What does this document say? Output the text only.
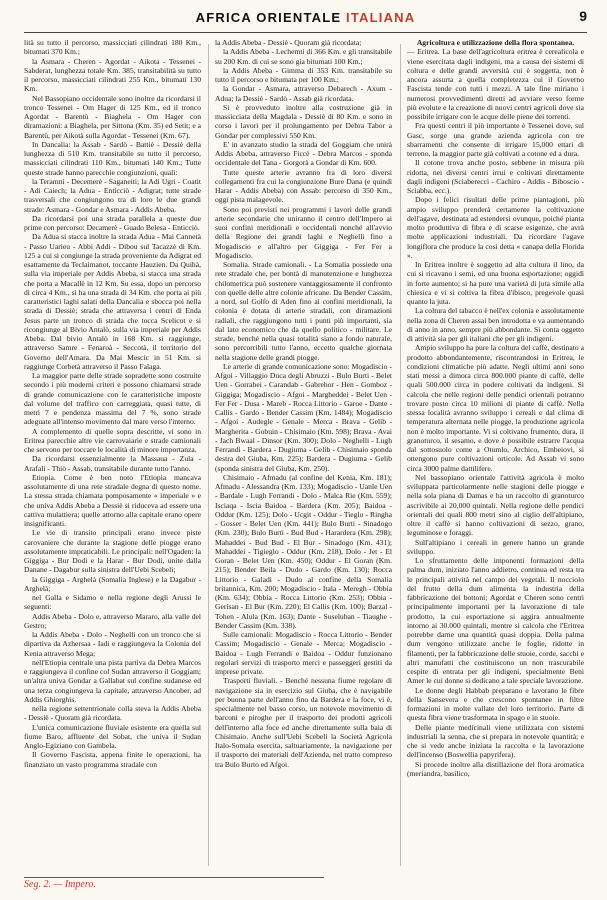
AFRICA ORIENTALE ITALIANA	9

lità su tutto il percorso, massicciati cilindrati 180 Km., bitumati 370 Km.;

la Asmara - Cheren - Agordat - Aikota - Tessenei - Sabderat, lunghezza totale Km. 385, transitabilità su tutto il percorso, massicciati cilindrati 255 Km., bitumati 130 Km.

Nel Bassopiano occidentale sono inoltre da ricordarsi il tronco Tessenei - Om Hager di 125 Km., ed il tronco Agordat - Barentù - Biaghela - Om Hager con diramazioni: a Biaghela, per Sittona (Km. 35) ed Setit; e a Barentù, per Aikotà sulla Agordat - Tessenei (Km. 67).

In Dancalia: la Assab - Sardò - Battiè - Dessiè della lunghezza di 510 Km. transitabile su tutto il percorso, massicciati cilindrati 110 Km., bitumati 140 Km.; Tutte queste strade hanno parecchie congiunzioni, quali:

la Teramni - Decemerè - Saganeiti; la Adi Ugri - Coatit - Adi Caiech; la Adua - Enticciò - Adigrat; tutte strade trasversali che congiungono tra di loro le due grandi strade: Asmara - Gondar e Asmara - Addis Abeba.

Da ricordarsi poi una strada parallela a queste due prime con percorso: Decamerè - Guado Belesa - Enticciò.

Da Adua si stacca inoltre la strada Adua - Mai Cannetà - Passo Uarieu - Abbi Addi - Dibou sul Tacazzè di Km. 125 a cui si congiunge la strada proveniente da Adigrat ed esattamente da Teclaimanot, toccante Hauzien. Da Quihà, sulla via imperiale per Addis Abeba, si stacca una strada che porta a Macallè in 12 Km. Su essa, dopo un percorso di circa 4 Km., si ha una strada di 34 Km. che porta ai più caratteristici laghi salati della Dancalia e sbocca poi nella strada di Dessiè; strada che attraversa i centri di Enda Jesus parte un tronco di strada che tocca Scelicot e si ricongiunge al Bivio Antalò, sulla via imperiale per Addis Abeba. Dal bivio Antalò in 168 Km. si raggiunge, attraverso Samre - Fenaroà - Seccotà, il territorio del Governo dell'Amara. Da Mai Mescic in 51 Km. si raggiunge Corbetà attraverso il Passo Falaga.

La maggior parte delle strade sopradette sono costruite secondo i più moderni criteri e possono chiamarsi strade di grande comunicazione con le caratteristiche imposte dal volume del traffico con carreggiata, quasi tutte, di metri 7 e pendenza massima del 7 %, sono strade adeguate all'intenso movimento dal mare verso l'interno.

A complemento di quelle sopra descritte, vi sono in Eritrea parecchie altre vie carrovaiarie e strade camionali che servono per toccare le località di minore importanza.

Da ricordarsi essenzialmente la Massaua - Zula - Arafali - Thiò - Assab, transitabile durante tutto l'anno.

Etiopia. Come è ben noto l'Etiopia mancava assolutamente di una rete stradale degna di questo nome. La stessa strada chiamata pomposamente « imperiale » e che univa Addis Abeba a Dessiè si riduceva ad essere una cattiva mulattiera; quelle attorno alla capitale erano opere insignificanti.

Le vie di transito principali erano invece piste carovaniere che durante la stagione delle piogge erano assolutamente impraticabili. Le principali: nell'Ogaden: la Giggiga - Bur Dodi e la Harar - Bur Dodi, unite dalla Danane - Dagabur sulla sinistra dell'Uebi Scebeli;

la Giggiga - Arghelà (Somalia Inglese) e la Dagabur - Arghelà;

nel Galla e Sidamo e nella regione degli Arussi le seguenti:

Addis Abeba - Dolo e, attraverso Mararo, alla valle del Gestro;

la Addis Abeba - Dolo - Neghelli con un tronco che si dipartiva da Azhersaa - Iadi e raggiungeva la Colonia del Kenia attraverso Mega;

nell'Etiopia centrale una pista partiva da Debra Marcos e raggiungeva il confine col Sudan attraverso il Goggiam; un'altra univa Gondar a Gallabat sul confine sudanese ed una terza congiungeva la capitale, attraverso Ancober, ad Addis Ghiorghis.

nella regione settentrionale colla steva la Addis Abeba - Dessiè - Quoram già ricordata.

L'unica comunicazione fluviale esistente era quella sul fiume Baro, affluente del Sobat, che univa il Sudan Anglo-Egiziano con Gambela.

Il Governo Fascista, appena finite le operazioni, ha finanziato un vasto programma stradale con

la Addis Abeba - Dessiè - Quoram già ricordata;

la Addis Abeba - Lechemti di 366 Km. e gli transitabile su 200 Km. di cui se sono gia bitumati 100 Km.;

la Addis Abeba - Gimma di 353 Km. transitabile su tutto il percorso e bitumata per 100 Km.;

la Gondar - Asmara, attraverso Debarech - Axum - Adua; la Dessiè - Sardò - Assab già ricordata.

Si è provveduto inoltre alla costruzione già in massicciata della Magdala - Dessiè di 80 Km. e sono in corso i lavori per il prolungamento per Debra Tabor a Gondar per complessivi 550 Km.

E' in avanzato studio la strada del Goggiam che unirà Addis Abeba, attraverso Ficcè - Debra Marcos - sponda occidentale del Tana - Gorgorà a Gondar di Km. 600.

Tutte queste arterie avranno fra di loro diversi collegamenti fra cui la congiunzione Bure Dana (e quindi Harar - Addis Abeba) con Assab: percorso di 350 Km., oggi pista malagevole.

Sono poi previsti nei programmi i lavori delle grandi arterie secondarie che uniranno il centro dell'Impero ai suoi confini meridionali e occidentali nonché all'avvio della Regione dei grandi laghi e Neghelli fino a Mogadiscio e all'altro per Giggiga - Fer Fer a Mogadiscio.

Somalia. Strade camionali. - La Somalia possiede una rete stradale che, per bontà di manutenzione e lunghezza chilometrica può sostenere vantaggiosamente il confronto con quelle delle altre colonie africane. Da Bender Cassim, a nord, sul Golfo di Aden fino ai confini meridionali, la colonia è dotata di arterie stradali, con diramazioni radiali, che raggiungono tutti i punti più importanti, sia dal lato economico che da quello politico - militare. Le strade, benché nella quasi totalità siano a fondo naturale, sono percorribili tutto l'anno, eccetto qualche giornata nella stagione delle grandi piogge.

Le arterie di grande comunicazione sono: Mogadiscio - Afgoi - Villaggio Duca degli Abruzzi - Bulo Burti - Belet Uen - Gorrahei - Carandab - Gabrehor - Hen - Gomboz - Giggiga; Mogadiscio - Afgoi - Margheddei - Belet Uen - Fer Fer - Dusa - Mareb - Rocca Littorio - Garoe - Dante - Callis - Gardo - Bender Cassim (Km. 1484); Mogadiscio - Afgoi - Audegle - Genale - Merca - Brava - Gelib - Margherita - Gobuin - Chisimaio (Km. 598); Brava - Avai - Jach Bwaal - Dinsor (Km. 300); Dolo - Neghelli - Lugh Ferrandi - Bardera - Dugiuma - Gelib - Chisimaio sponda destra del Giuba, Km. 225); Bardera - Dugiuma - Gelib (sponda sinistra del Giuba, Km. 250).

Chisimaio - Afmadu (al confine del Kenia, Km. 181); Afmadu - Alessandra (Km. 133); Mogadiscio - Uanle Uen - Bardale - Lugh Ferrandi - Dolo - Malca Rie (Km. 559); Isciaqa - Iscia Baidoa - Bardera (Km. 205); Baidoa - Oddur (Km. 125); Dolo - Ucgit - Oddur - Tieglo - Ringha - Gosser - Belet Uen (Km. 441); Bulo Burti - Sinadogo (Km. 230); Bulo Burti - Bud Bud - Harardera (Km. 298); Mahaddei - Bud Bud - El Bur - Sinadogo (Km. 431); Mahaddei - Tigieglo - Oddur (Km. 218), Dolo - Jet - El Goran - Belet Uen (Km. 450); Oddur - El Goran (Km. 215); Bender Beila - Dudo - Gardo (Km. 130); Rocca Littorio - Galadi - Dudo al confine della Somalia britannica, Km. 200; Mogadiscio - Itala - Meregh - Obbia (Km. 634); Obbia - Rocca Littorio (Km. 253); Obbia - Gerisan - El Bur (Km. 220); El Callis (Km. 100); Barzal - Tohen - Alula (Km. 163); Dante - Suseluban - Tiaughe - Bender Cassim (Km. 338).

Sulle camionali: Mogadiscio - Rocca Littorio - Bender Cassim; Mogadiscio - Genale - Merca; Mogadiscio - Baidoa - Lugh Ferrandi e Baidoa - Oddur funzionano regolari servizi di trasporto merci e passeggeri gestiti da imprese private.

Trasporti fluviali. - Benché nessuna fiume regolare di navigazione sia in esercizio sul Giuba, che è navigabile per buona parte dell'anno fino da Bardera e la foce, vi è, specialmente nel basso corso, un notevole movimento di barconi e piroghe per il trasporto dei prodotti agricoli dell'interno alla foce ed anche direttamente sulla baia di Chisimaio. Anche sull'Uebi Scebeli la Società Agricola Italo-Somala esercita, saltuariamente, la navigazione per il trasporto dei materiali dell'Azienda, nel tratto compreso tra Bulo Burto ed Afgoi.

Agricoltura e utilizzazione della flora spontanea.

— Eritrea. La base dell'agricoltura eritrea è cerealicola e viene esercitata dagli indigeni, ma a causa dei sistemi di coltura e delle grandi avversità cui è soggetta, non è ancora assurta a quella completezza cui il Governo Fascista tende con tutti i mezzi. A tale fine miriano i numerosi provvedimenti diretti ad avviare verso forme più evolute e la creazione di nuovi centri agricoli dove sia possibile irrigare con le acque delle piene dei torrenti.

Fra questi centri il più importante è Tessenei dove, sul Gasc, sorge una grande azienda agricola con tre sbarramenti che consente di irrigare 15,000 ettari di terreno, la maggior parte già coltivati a cotone ed a dura.

Il cotone trova anche posto, sebbene in misura più ridotta, nei diversi centri irrui e coltivati direttamente dagli indigeni (Sciabereccì - Cachiro - Addis - Biboscio - Sciabba, ecc.).

Dopo i felici risultati delle prime piantagioni, più ampio sviluppo prenderà certamente la coltivazione dell'agave, destinata ad estendersi ovunque, poiché pianta molto produttiva di fibra e di scarse esigenze, che avrà molte applicazioni industriali. Da ricordare l'agave longiflora che produce la cosi detta « canapa della Florida ».

In Eritrea inoltre è soggetto ad alta cultura il lino, da cui si ricavano i semi, ed una buona esportazione; oggidì in forte aumento; si ha pure una varietà di juta simile alla chiesica e vi si coltiva la fibra d'ibisco, pregevole quasi quanto la juta.

La coltura del tabacco è nell'ex colonia e assolutamente nella zona di Cheren assai ben introdotta e va aumentando di anno in anno, sempre più abbondante. Si conta oggetto di attività sia per gli italiani che per gli indigeni.

Ampio sviluppo ha pure la coltura del caffè, destinato a prodotto abbondantemente, riscontrandosi in Eritrea, le condizioni climatiche più adatte. Negli ultimi anni sono stati messi a dimora circa 800.000 piante di caffè, delle quali 500.000 circa in podere coltivati da indigeni. Si calcola che nelle regioni delle pendici orientali potranno trovare posto circa 10 milioni di piante di caffè. Nella stessa località avranno sviluppo i cereali e dal clima di temperatura alternata nelle piogge, la produzione agricola non è molto importante. Vi si coltivano frumento, dura, il granoturco, il sesamo, e dove è possibile estrarre l'acqua dal sottosuolo come a Otumlo, Archico, Embeiovi, si ottengono pure coltivazioni orticole. Ad Assab vi sono circa 3000 palme dattilifere.

Nel bassopiano orientale l'attività agricola è molto sviluppata particolarmente nelle stagioni delle piogge e nella sola piana di Damas e ha un raccolto di granoturco ascrivibile ai 20,000 quintali. Nella regione delle pendici orientali dei quali 800 metri sino al ciglio dell'altipiano, oltre il caffè si hanno coltivazioni di sezzo, grano, leguminose e foraggi.

Sull'altipiano i cereali in genere hanno un grande sviluppo.

Lo sfruttamento delle imponenti formazioni della palma dum, iniziato l'anno addietro, continua ed resta tra le principali attività nel campo dei vegetali. Il nocciolo del frutto della dum alimenta la industria della fabbricazione dei bottoni; Agordat e Cheren sono centri principalmente importanti per la lavorazione di tale prodotto, la cui esportazione si aggira annualmente intorno ai 30.000 quintali, mentre si calcola che l'Eritrea potrebbe darne una quantità quasi doppia. Della palma dum vengono utilizzate anche le foglie, ridotte in filamenti, per la fabbricazione delle stuoie, corde, sacchi e altri manufatti che costituiscono un non trascurabile cespite di entrata per gli indigeni, specialmente Beni Amer le cui donne si dedicano a tale speciale lavorazione.

Le donne degli Habbab preparano e lavorano le fibre della Sansevera e che crescono spontanee in filtre formazioni in molte vallate del loro territorio. Parte di questa fibra viene trasformata in spago e in stuoie.

Delle piante medicinali viene utilizzata con sistemi industriali la senna, che si prepara in notevole quantità; e che si vede anche iniziata la raccolta e la lavorazione dell'incenso (Boswellia papyrifera).

Si procede inoltre alla distillazione del flora aromatica (meriandra, basilico,

Seg. 2. — Impero.
